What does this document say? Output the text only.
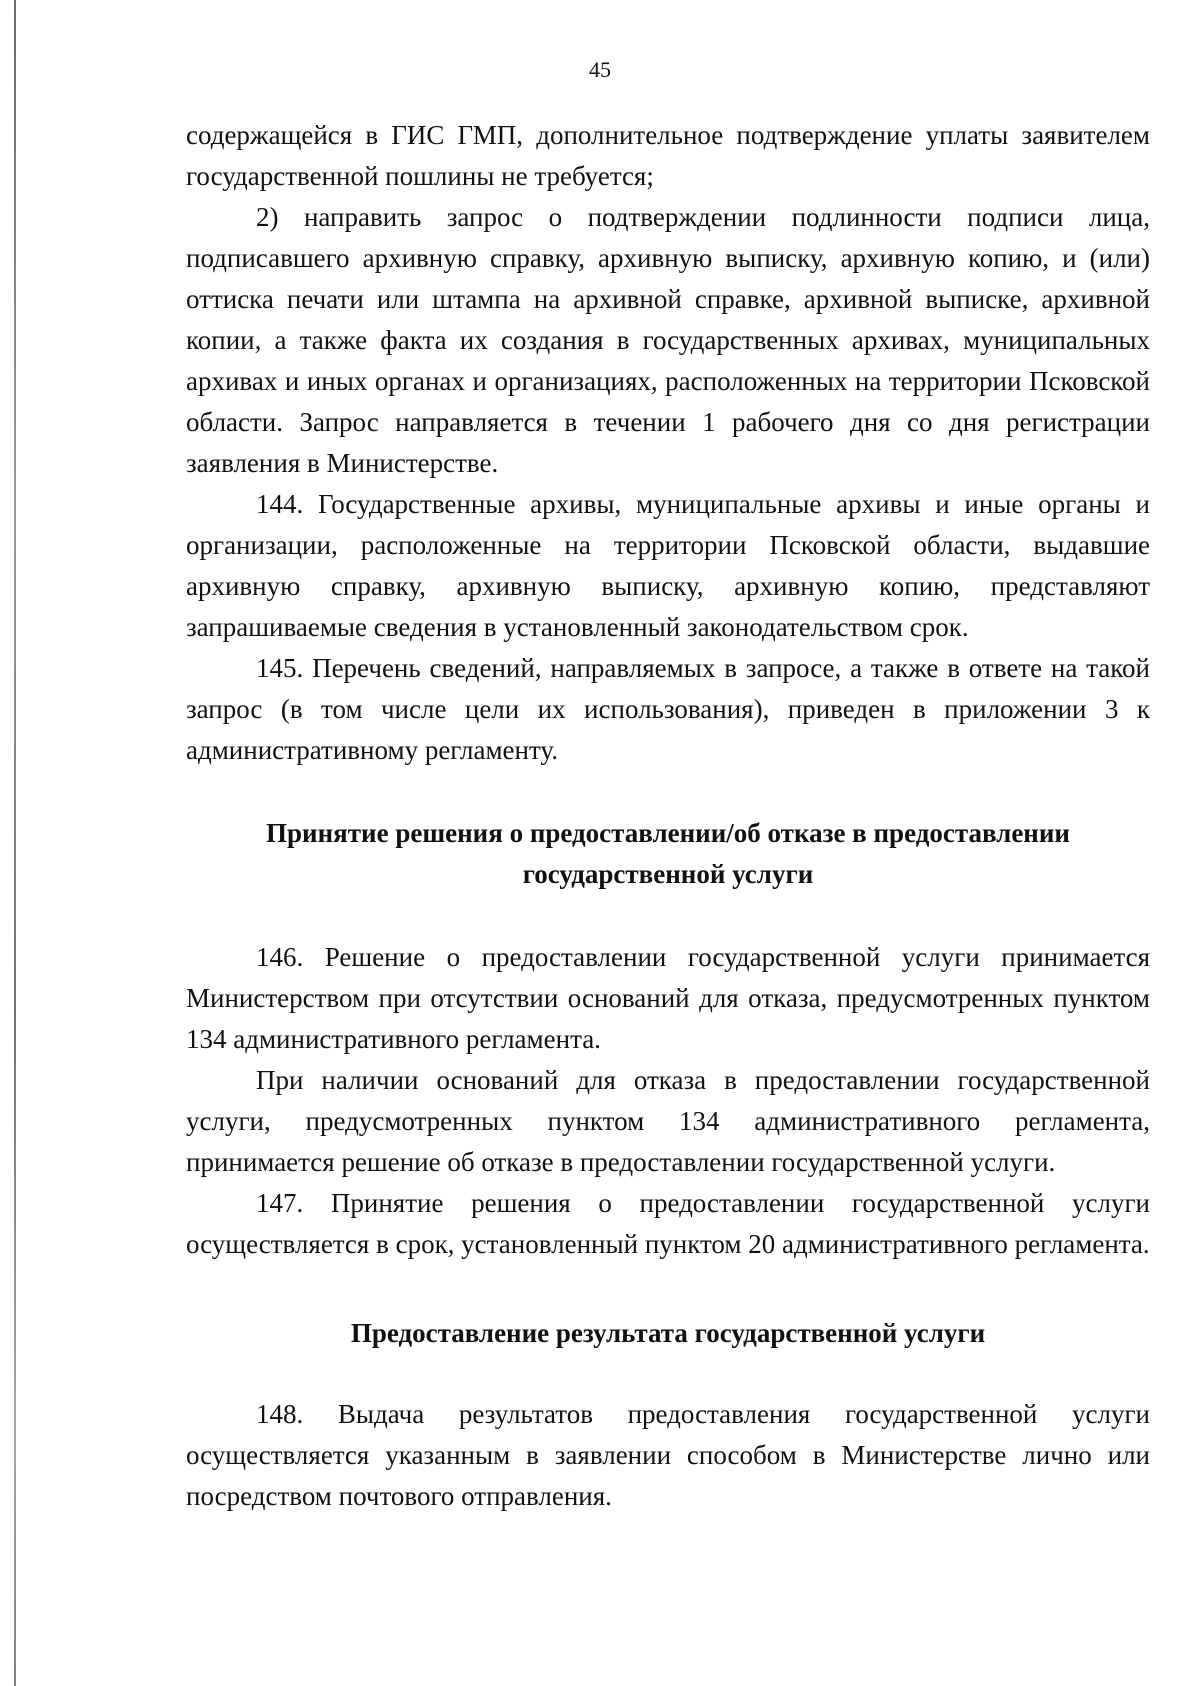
45

содержащейся в ГИС ГМП, дополнительное подтверждение уплаты заявителем государственной пошлины не требуется;

2) направить запрос о подтверждении подлинности подписи лица, подписавшего архивную справку, архивную выписку, архивную копию, и (или) оттиска печати или штампа на архивной справке, архивной выписке, архивной копии, а также факта их создания в государственных архивах, муниципальных архивах и иных органах и организациях, расположенных на территории Псковской области. Запрос направляется в течении 1 рабочего дня со дня регистрации заявления в Министерстве.

144. Государственные архивы, муниципальные архивы и иные органы и организации, расположенные на территории Псковской области, выдавшие архивную справку, архивную выписку, архивную копию, представляют запрашиваемые сведения в установленный законодательством срок.

145. Перечень сведений, направляемых в запросе, а также в ответе на такой запрос (в том числе цели их использования), приведен в приложении 3 к административному регламенту.

Принятие решения о предоставлении/об отказе в предоставлении

государственной услуги

146. Решение о предоставлении государственной услуги принимается Министерством при отсутствии оснований для отказа, предусмотренных пунктом 134 административного регламента.

При наличии оснований для отказа в предоставлении государственной услуги, предусмотренных пунктом 134 административного регламента, принимается решение об отказе в предоставлении государственной услуги.

147. Принятие решения о предоставлении государственной услуги осуществляется в срок, установленный пунктом 20 административного регламента.

Предоставление результата государственной услуги

148. Выдача результатов предоставления государственной услуги осуществляется указанным в заявлении способом в Министерстве лично или посредством почтового отправления.
